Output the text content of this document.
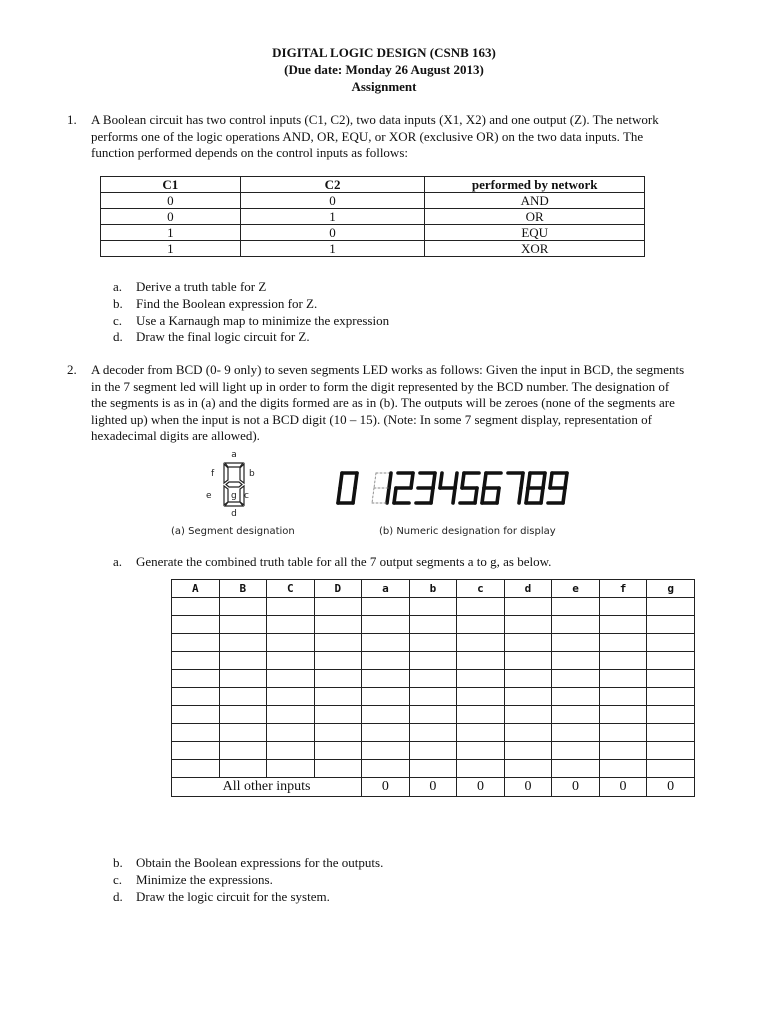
DIGITAL LOGIC DESIGN (CSNB 163)
(Due date: Monday 26 August 2013)
Assignment
1. A Boolean circuit has two control inputs (C1, C2), two data inputs (X1, X2) and one output (Z). The network
performs one of the logic operations AND, OR, EQU, or XOR (exclusive OR) on the two data inputs. The
function performed depends on the control inputs as follows:
C1	C2	performed by network
0	0	AND
0	1	OR
1	0	EQU
1	1	XOR
a. Derive a truth table for Z
b. Find the Boolean expression for Z.
c. Use a Karnaugh map to minimize the expression
d. Draw the final logic circuit for Z.
2. A decoder from BCD (0- 9 only) to seven segments LED works as follows: Given the input in BCD, the segments
in the 7 segment led will light up in order to form the digit represented by the BCD number. The designation of
the segments is as in (a) and the digits formed are as in (b). The outputs will be zeroes (none of the segments are
lighted up) when the input is not a BCD digit (10 – 15). (Note: In some 7 segment display, representation of
hexadecimal digits are allowed).
a
b
c
d
e
f
g
(a) Segment designation	(b) Numeric designation for display
a. Generate the combined truth table for all the 7 output segments a to g, as below.
A	B	C	D	a	b	c	d	e	f	g

All other inputs				0	0	0	0	0	0	0
b. Obtain the Boolean expressions for the outputs.
c. Minimize the expressions.
d. Draw the logic circuit for the system.
